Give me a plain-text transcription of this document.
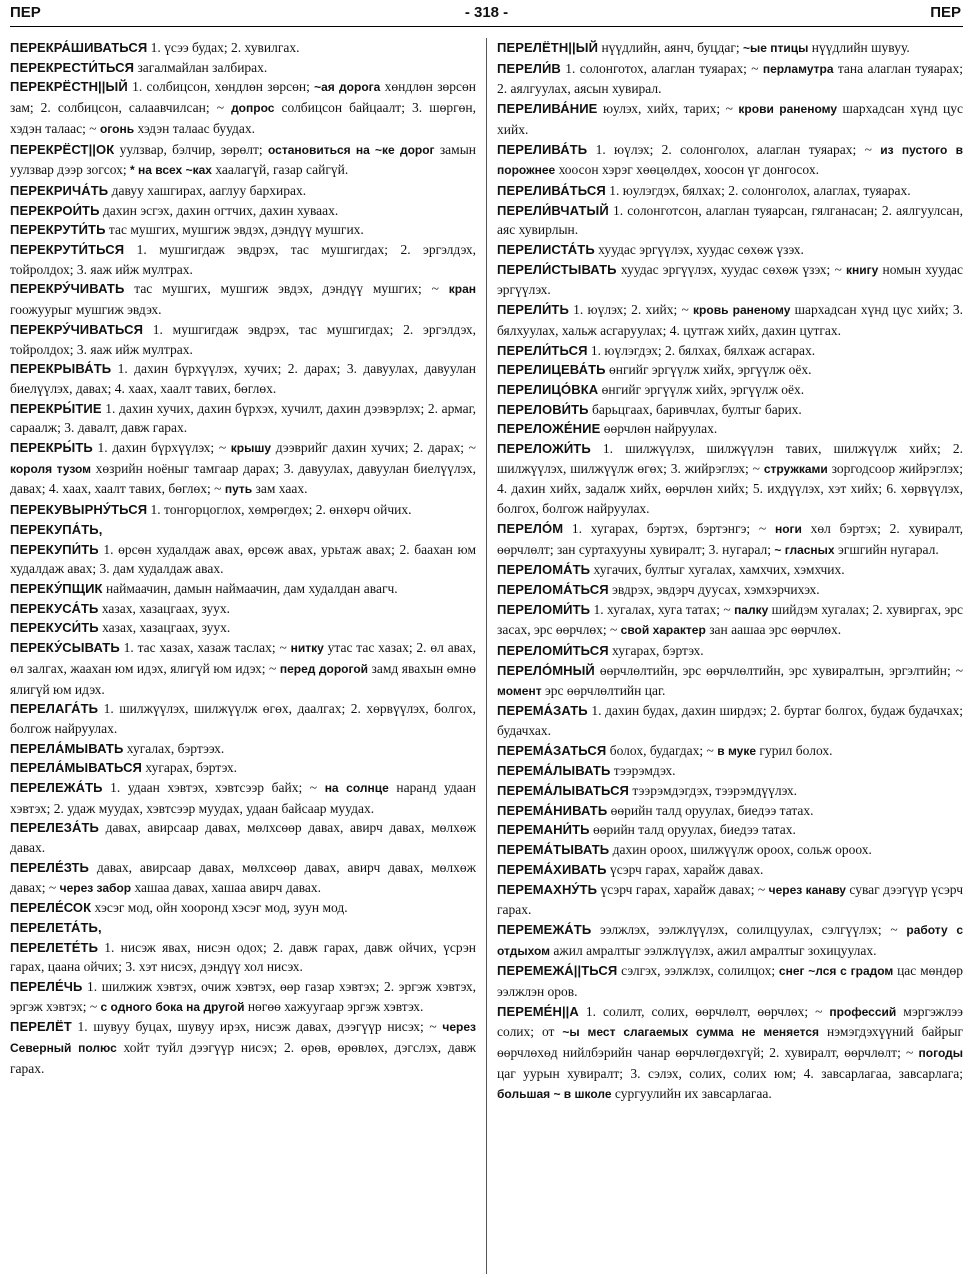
ПЕР	- 318 -	ПЕР

ПЕРЕКРА́ШИВАТЬСЯ 1. үсээ будах; 2. хувилгах.

ПЕРЕКРЕСТИ́ТЬСЯ загалмайлан залбирах.

ПЕРЕКРЁСТН||ЫЙ 1. солбицсон, хөндлөн зөрсөн; ~ая дорога хөндлөн зөрсөн зам; 2. солбицсон, салаавчилсан; ~ допрос солбицсон байцаалт; 3. шөргөн, хэдэн талаас; ~ огонь хэдэн талаас буудах.

ПЕРЕКРЁСТ||ОК уулзвар, бэлчир, зөрөлт; остановиться на ~ке дорог замын уулзвар дээр зогсох; * на всех ~ках хаалагүй, газар сайгүй.

ПЕРЕКРИЧА́ТЬ давуу хашгирах, ааглуу бархирах.

ПЕРЕКРОИ́ТЬ дахин эсгэх, дахин огтчих, дахин хуваах.

ПЕРЕКРУТИ́ТЬ тас мушгих, мушгиж эвдэх, дэндүү мушгих.

ПЕРЕКРУТИ́ТЬСЯ 1. мушгигдаж эвдрэх, тас мушгигдах; 2. эргэлдэх, тойролдох; 3. яаж ийж мултрах.

ПЕРЕКРУ́ЧИВАТЬ тас мушгих, мушгиж эвдэх, дэндүү мушгих; ~ кран гоожуурыг мушгиж эвдэх.

ПЕРЕКРУ́ЧИВАТЬСЯ 1. мушгигдаж эвдрэх, тас мушгигдах; 2. эргэлдэх, тойролдох; 3. яаж ийж мултрах.

ПЕРЕКРЫВА́ТЬ 1. дахин бүрхүүлэх, хучих; 2. дарах; 3. давуулах, давуулан биелүүлэх, давах; 4. хаах, хаалт тавих, бөглөх.

ПЕРЕКРЫ́ТИЕ 1. дахин хучих, дахин бүрхэх, хучилт, дахин дээвэрлэх; 2. армаг, сараалж; 3. давалт, давж гарах.

ПЕРЕКРЫ́ТЬ 1. дахин бүрхүүлэх; ~ крышу дээврийг дахин хучих; 2. дарах; ~ короля тузом хөзрийн ноёныг тамгаар дарах; 3. давуулах, давуулан биелүүлэх, давах; 4. хаах, хаалт тавих, бөглөх; ~ путь зам хаах.

ПЕРЕКУВЫРНУ́ТЬСЯ 1. тонгорцоглох, хөмрөгдөх; 2. өнхөрч ойчих.

ПЕРЕКУПА́ТЬ,

ПЕРЕКУПИ́ТЬ 1. өрсөн худалдаж авах, өрсөж авах, урьтаж авах; 2. баахан юм худалдаж авах; 3. дам худалдаж авах.

ПЕРЕКУ́ПЩИК наймаачин, дамын наймаачин, дам худалдан авагч.

ПЕРЕКУСА́ТЬ хазах, хазацгаах, зуух.

ПЕРЕКУСИ́ТЬ хазах, хазацгаах, зуух.

ПЕРЕКУ́СЫВАТЬ 1. тас хазах, хазаж таслах; ~ нитку утас тас хазах; 2. өл авах, өл залгах, жаахан юм идэх, ялигүй юм идэх; ~ перед дорогой замд явахын өмнө ялигүй юм идэх.

ПЕРЕЛАГА́ТЬ 1. шилжүүлэх, шилжүүлж өгөх, даалгах; 2. хөрвүүлэх, болгох, болгож найруулах.

ПЕРЕЛА́МЫВАТЬ хугалах, бэртээх.

ПЕРЕЛА́МЫВАТЬСЯ хугарах, бэртэх.

ПЕРЕЛЕЖА́ТЬ 1. удаан хэвтэх, хэвтсээр байх; ~ на солнце наранд удаан хэвтэх; 2. удаж муудах, хэвтсээр муудах, удаан байсаар муудах.

ПЕРЕЛЕЗА́ТЬ давах, авирсаар давах, мөлхсөөр давах, авирч давах, мөлхөж давах.

ПЕРЕЛЕ́ЗТЬ давах, авирсаар давах, мөлхсөөр давах, авирч давах, мөлхөж давах; ~ через забор хашаа давах, хашаа авирч давах.

ПЕРЕЛЕ́СОК хэсэг мод, ойн хооронд хэсэг мод, зуун мод.

ПЕРЕЛЕТА́ТЬ,

ПЕРЕЛЕТЕ́ТЬ 1. нисэж явах, нисэн одох; 2. давж гарах, давж ойчих, үсрэн гарах, цаана ойчих; 3. хэт нисэх, дэндүү хол нисэх.

ПЕРЕЛЕ́ЧЬ 1. шилжиж хэвтэх, очиж хэвтэх, өөр газар хэвтэх; 2. эргэж хэвтэх, эргэж хэвтэх; ~ с одного бока на другой нөгөө хажуугаар эргэж хэвтэх.

ПЕРЕЛЁТ 1. шувуу буцах, шувуу ирэх, нисэж давах, дээгүүр нисэх; ~ через Северный полюс хойт туйл дээгүүр нисэх; 2. өрөв, өрөвлөх, дэгслэх, давж гарах.

ПЕРЕЛЁТН||ЫЙ нүүдлийн, аянч, буцдаг; ~ые птицы нүүдлийн шувуу.

ПЕРЕЛИ́В 1. солонготох, алаглан туяарах; ~ перламутра тана алаглан туяарах; 2. аялгуулах, аясын хувирал.

ПЕРЕЛИВА́НИЕ юулэх, хийх, тарих; ~ крови раненому шархадсан хүнд цус хийх.

ПЕРЕЛИВА́ТЬ 1. юүлэх; 2. солонголох, алаглан туяарах; ~ из пустого в порожнее хоосон хэрэг хөөцөлдөх, хоосон үг донгосох.

ПЕРЕЛИВА́ТЬСЯ 1. юулэгдэх, бялхах; 2. солонголох, алаглах, туяарах.

ПЕРЕЛИ́ВЧАТЫЙ 1. солонготсон, алаглан туяарсан, гялганасан; 2. аялгуулсан, аяс хувирлын.

ПЕРЕЛИСТА́ТЬ хуудас эргүүлэх, хуудас сөхөж үзэх.

ПЕРЕЛИ́СТЫВАТЬ хуудас эргүүлэх, хуудас сөхөж үзэх; ~ книгу номын хуудас эргүүлэх.

ПЕРЕЛИ́ТЬ 1. юүлэх; 2. хийх; ~ кровь раненому шархадсан хүнд цус хийх; 3. бялхуулах, хальж асгаруулах; 4. цутгаж хийх, дахин цутгах.

ПЕРЕЛИ́ТЬСЯ 1. юүлэгдэх; 2. бялхах, бялхаж асгарах.

ПЕРЕЛИЦЕВА́ТЬ өнгийг эргүүлж хийх, эргүүлж оёх.

ПЕРЕЛИЦО́ВКА өнгийг эргүүлж хийх, эргүүлж оёх.

ПЕРЕЛОВИ́ТЬ барьцгаах, баривчлах, бултыг барих.

ПЕРЕЛОЖЕ́НИЕ өөрчлөн найруулах.

ПЕРЕЛОЖИ́ТЬ 1. шилжүүлэх, шилжүүлэн тавих, шилжүүлж хийх; 2. шилжүүлэх, шилжүүлж өгөх; 3. жийрэглэх; ~ стружками зоргодсоор жийрэглэх; 4. дахин хийх, задалж хийх, өөрчлөн хийх; 5. ихдүүлэх, хэт хийх; 6. хөрвүүлэх, болгох, болгож найруулах.

ПЕРЕЛО́М 1. хугарах, бэртэх, бэртэнгэ; ~ ноги хөл бэртэх; 2. хувиралт, өөрчлөлт; зан суртахууны хувиралт; 3. нугарал; ~ гласных эгшгийн нугарал.

ПЕРЕЛОМА́ТЬ хугачих, бултыг хугалах, хамхчих, хэмхчих.

ПЕРЕЛОМА́ТЬСЯ эвдрэх, эвдэрч дуусах, хэмхэрчихэх.

ПЕРЕЛОМИ́ТЬ 1. хугалах, хуга татах; ~ палку шийдэм хугалах; 2. хувиргах, эрс засах, эрс өөрчлөх; ~ свой характер зан аашаа эрс өөрчлөх.

ПЕРЕЛОМИ́ТЬСЯ хугарах, бэртэх.

ПЕРЕЛО́МНЫЙ өөрчлөлтийн, эрс өөрчлөлтийн, эрс хувиралтын, эргэлтийн; ~ момент эрс өөрчлөлтийн цаг.

ПЕРЕМА́ЗАТЬ 1. дахин будах, дахин ширдэх; 2. буртаг болгох, будаж будачхах; будачхах.

ПЕРЕМА́ЗАТЬСЯ болох, будагдах; ~ в муке гурил болох.

ПЕРЕМА́ЛЫВАТЬ тээрэмдэх.

ПЕРЕМА́ЛЫВАТЬСЯ тээрэмдэгдэх, тээрэмдүүлэх.

ПЕРЕМА́НИВАТЬ өөрийн талд оруулах, биедээ татах.

ПЕРЕМАНИ́ТЬ өөрийн талд оруулах, биедээ татах.

ПЕРЕМА́ТЫВАТЬ дахин ороох, шилжүүлж ороох, сольж ороох.

ПЕРЕМА́ХИВАТЬ үсэрч гарах, харайж давах.

ПЕРЕМАХНУ́ТЬ үсэрч гарах, харайж давах; ~ через канаву суваг дээгүүр үсэрч гарах.

ПЕРЕМЕЖА́ТЬ ээлжлэх, ээлжлүүлэх, солилцуулах, сэлгүүлэх; ~ работу с отдыхом ажил амралтыг ээлжлүүлэх, ажил амралтыг зохицуулах.

ПЕРЕМЕЖА́||ТЬСЯ сэлгэх, ээлжлэх, солилцох; снег ~лся с градом цас мөндөр ээлжлэн оров.

ПЕРЕМЕ́Н||А 1. солилт, солих, өөрчлөлт, өөрчлөх; ~ профессий мэргэжлээ солих; от ~ы мест слагаемых сумма не меняется нэмэгдэхүүний байрыг өөрчлөхөд нийлбэрийн чанар өөрчлөгдөхгүй; 2. хувиралт, өөрчлөлт; ~ погоды цаг уурын хувиралт; 3. сэлэх, солих, солих юм; 4. завсарлагаа, завсарлага; большая ~ в школе сургуулийн их завсарлагаа.
